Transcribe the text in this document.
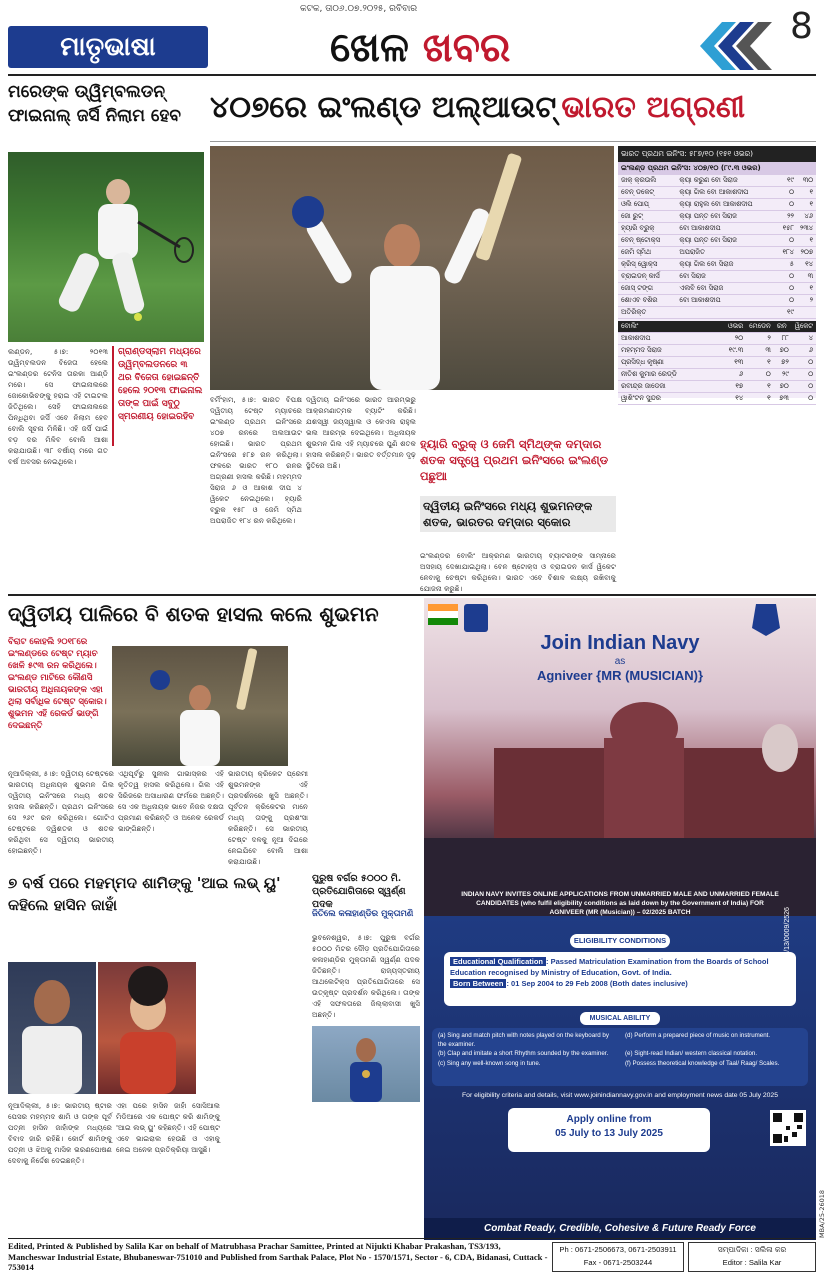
କଟକ, ତା୦୬.୦୭.୨୦୨୫, ରବିବାର
ମାତୃଭାଷା	ଖେଳ ଖବର	8
ମରେଙ୍କ ଉ୍ୱିମ୍ବଲଡନ୍ ଫାଇନାଲ୍ ଜର୍ସି ନିଲାମ ହେବ
ଲଣ୍ଡନ, ୫।୭: ୨୦୧୩ ଉ୍ୱିମ୍ବଲଡନ ବିଜେତା ହେଲେ ଇଂଲଣ୍ଡର ଟେନିସ ତାରକା ଆଣ୍ଡି ମରେ। ସେ ଫାଇନାଲରେ ଜୋକୋଭିଚଙ୍କୁ ହରାଇ ଏହି ଟାଇଟଲ ଜିତିଥିଲେ। ସେହି ଫାଇନାଲରେ ପିନ୍ଧିଥିବା ଜର୍ସି ଏବେ ନିଲାମ ହେବ ବୋଲି ସୂଚନା ମିଳିଛି। ଏହି ଜର୍ସି ପାଇଁ ବଡ଼ ଦର ମିଳିବ ବୋଲି ଆଶା କରାଯାଉଛି। ୩୮ ବର୍ଷୀୟ ମରେ ଗତ ବର୍ଷ ଅବସର ନେଇଥିଲେ।
ଗ୍ରାଣ୍ଡସ୍ଲାମ ମଧ୍ୟରେ ଉ୍ୱିମ୍ବଲଡନରେ ୩ ଥର ବିଜେତା ହୋଇଛନ୍ତି ହେଲେ ୨୦୧୩ ଫାଇନାଲ ତାଙ୍କ ପାଇଁ ସବୁଠୁ ସ୍ମରଣୀୟ ହୋଇରହିବ
୪୦୭ରେ ଇଂଲଣ୍ଡ ଅଲ୍‌ଆଉଟ୍ ଭାରତ ଅଗ୍ରଣୀ
ଭାରତ ପ୍ରଥମ ଇନିଂସ: ୫୮୭/୧୦ (୧୫୧ ଓଭର)
ଇଂଲଣ୍ଡ ପ୍ରଥମ ଇନିଂସ: ୪୦୭/୧୦ (୮୯.୩ ଓଭର)
ଜାକ୍ କ୍ରଉଲି	କ୍ୟା କରୁଣ ବୋ ସିରାଜ	୧୯	୩୦
ବେନ୍ ଡକେଟ୍	କ୍ୟା ଗିଲ ବୋ ଆକାଶଦୀପ	୦	୧
ଓଲି ପୋପ୍	କ୍ୟା ରାହୁଲ ବୋ ଆକାଶଦୀପ	୦	୧
ଜୋ ରୁଟ୍	କ୍ୟା ପନ୍ତ ବୋ ସିରାଜ	୨୨	୪୬
ହ୍ୟାରି ବ୍ରୁକ୍	ବୋ ଆକାଶଦୀପ	୧୫୮	୨୩୪
ବେନ୍ ଷ୍ଟୋକ୍ସ	କ୍ୟା ପନ୍ତ ବୋ ସିରାଜ	୦	୧
ଜେମି ସ୍ମିଥ	ଅପରାଜିତ	୧୮୪	୨୦୭
କ୍ରିସ୍ ୱୋକ୍ସ	କ୍ୟା ଗିଲ ବୋ ସିରାଜ	୫	୧୪
ବ୍ରାଇଡନ୍ କାର୍ସ	ବୋ ସିରାଜ	୦	୩
ଜୋସ୍ ଟଙ୍ଗ	ଏଲବି ବୋ ସିରାଜ	୦	୧
ଶୋଏବ ବଶିର	ବୋ ଆକାଶଦୀପ	୦	୨
ଅତିରିକ୍ତ		୧୯	
ବୋଲିଂ	ଓଭର	ମେଡେନ	ରନ	ୱିକେଟ
ଆକାଶଦୀପ	୨୦	୨	୮୮	୪
ମହମ୍ମଦ ସିରାଜ	୧୯.୩	୩	୭୦	୬
ପ୍ରସିଦ୍ଧ କୃଷ୍ଣା	୧୩	୧	୭୨	୦
ନୀତିଶ କୁମାର ରେଡ୍ଡି	୬	୦	୨୯	୦
ରବୀନ୍ଦ୍ର ଜାଡେଜା	୧୭	୧	୭୦	୦
ୱାଶିଂଟନ ସୁନ୍ଦର	୧୪	୧	୭୩	୦
ବର୍ମିଂହାମ, ୫।୭: ଭାରତ ବିପକ୍ଷ ଦ୍ୱିତୀୟ ଟେଷ୍ଟ ମ୍ୟାଚରେ ଇଂଲଣ୍ଡ ପ୍ରଥମ ଇନିଂସରେ ୪୦୭ ରନରେ ଅଲଆଉଟ ହୋଇଛି। ଭାରତ ପ୍ରଥମ ଇନିଂସରେ ୫୮୭ ରନ କରିଥିଲା। ଫଳରେ ଭାରତ ୧୮୦ ରନର ଅଗ୍ରଣୀ ହାସଲ କରିଛି। ମହମ୍ମଦ ସିରାଜ ୬ ଓ ଆକାଶ ଦୀପ ୪ ୱିକେଟ ନେଇଥିଲେ। ହ୍ୟାରି ବ୍ରୁକ ୧୫୮ ଓ ଜେମି ସ୍ମିଥ ଅପରାଜିତ ୧୮୪ ରନ କରିଥିଲେ।
ଦ୍ୱିତୀୟ ଇନିଂସରେ ଭାରତ ଆରମ୍ଭରୁ ଆକ୍ରମଣାତ୍ମକ ବ୍ୟାଟିଂ କରିଛି। ଯଶସ୍ୱୀ ଜୟସ୍ୱାଲ ଓ କେଏଲ ରାହୁଲ ଭଲ ଆରମ୍ଭ ଦେଇଥିଲେ। ଅଧିନାୟକ ଶୁଭମନ ଗିଲ ଏହି ମ୍ୟାଚରେ ପୁଣି ଶତକ ହାସଲ କରିଛନ୍ତି। ଭାରତ ବର୍ତ୍ତମାନ ଦୃଢ଼ ସ୍ଥିତିରେ ଅଛି।
ହ୍ୟାରି ବ୍ରୁକ୍ ଓ ଜେମି ସ୍ମିଥ୍‌ଙ୍କ ଦମ୍‌ଦାର ଶତକ ସତ୍ତ୍ୱେ ପ୍ରଥମ ଇନିଂସରେ ଇଂଲଣ୍ଡ ପଛୁଆ
ଦ୍ୱିତୀୟ ଇନିଂସରେ ମଧ୍ୟ ଶୁଭମନଙ୍କ ଶତକ, ଭାରତର ଦମ୍‌ଦାର ସ୍କୋର
ଇଂଲଣ୍ଡର ବୋଲିଂ ଆକ୍ରମଣ ଭାରତୀୟ ବ୍ୟାଟରଙ୍କ ସାମ୍ନାରେ ଅସହାୟ ଦେଖାଯାଇଥିଲା। ବେନ ଷ୍ଟୋକ୍ସ ଓ ବ୍ରାଇଡନ କାର୍ସ ୱିକେଟ ନେବାକୁ ଚେଷ୍ଟା କରିଥିଲେ। ଭାରତ ଏବେ ବିଶାଳ ଲକ୍ଷ୍ୟ ରଖିବାକୁ ଯୋଜନା କରୁଛି।
ଦ୍ୱିତୀୟ ପାଳିରେ ବି ଶତକ ହାସଲ କଲେ ଶୁଭମନ
ବିରାଟ କୋହଲି ୨୦୧୮ରେ ଇଂଲଣ୍ଡରେ ଟେଷ୍ଟ ମ୍ୟାଚ ଖେଳି ୫୯୩ ରନ କରିଥିଲେ। ଇଂଲଣ୍ଡ ମାଟିରେ କୌଣସି ଭାରତୀୟ ଅଧିନାୟକଙ୍କ ଏହା ଥିଲା ସର୍ବାଧିକ ଟେଷ୍ଟ ସ୍କୋର। ଶୁଭମନ ଏହି ରେକର୍ଡ ଭାଙ୍ଗି ଦେଇଛନ୍ତି
ନୂଆଦିଲ୍ଲୀ, ୫।୭: ଦ୍ୱିତୀୟ ଟେଷ୍ଟରେ ଭାରତୀୟ ଅଧିନାୟକ ଶୁଭମନ ଗିଲ ଦ୍ୱିତୀୟ ଇନିଂସରେ ମଧ୍ୟ ଶତକ ହାସଲ କରିଛନ୍ତି। ପ୍ରଥମ ଇନିଂସରେ ସେ ୨୬୯ ରନ କରିଥିଲେ। ଗୋଟିଏ ଟେଷ୍ଟରେ ଦ୍ୱିଶତକ ଓ ଶତକ କରିଥିବା ସେ ଦ୍ୱିତୀୟ ଭାରତୀୟ ହୋଇଛନ୍ତି।
ଏଥିପୂର୍ବରୁ ସୁନୀଲ ଗାଭାସ୍କର ଏହି କୃତିତ୍ୱ ହାସଲ କରିଥିଲେ। ଗିଲ ଏହି ସିରିଜରେ ଅସାଧାରଣ ଫର୍ମରେ ଅଛନ୍ତି। ସେ ଏକ ଅଧିନାୟକ ଭାବେ ନିଜର ଦକ୍ଷତା ପ୍ରମାଣ କରିଛନ୍ତି ଓ ଅନେକ ରେକର୍ଡ ଭାଙ୍ଗିଛନ୍ତି।
ଭାରତୀୟ କ୍ରିକେଟ ପ୍ରେମୀ ଶୁଭମନଙ୍କ ଏହି ପ୍ରଦର୍ଶନରେ ଖୁସି ଅଛନ୍ତି। ପୂର୍ବତନ କ୍ରିକେଟର ମାନେ ମଧ୍ୟ ତାଙ୍କୁ ପ୍ରଶଂସା କରିଛନ୍ତି। ସେ ଭାରତୀୟ ଟେଷ୍ଟ ଦଳକୁ ନୂଆ ଦିଗରେ ନେଇଯିବେ ବୋଲି ଆଶା କରାଯାଉଛି।
୭ ବର୍ଷ ପରେ ମହମ୍ମଦ ଶାମିଙ୍କୁ 'ଆଇ ଲଭ୍ ୟୁ' କହିଲେ ହାସିନ ଜାହାଁ
ନୂଆଦିଲ୍ଲୀ, ୫।୭: ଭାରତୀୟ ଷ୍ଟାର ପେସର ମହମ୍ମଦ ଶାମି ଓ ତାଙ୍କ ପୂର୍ବ ପତ୍ନୀ ହାସିନ ଜାହାଁଙ୍କ ମଧ୍ୟରେ ବିବାଦ ଜାରି ରହିଛି। କୋର୍ଟ ଶାମିଙ୍କୁ ପତ୍ନୀ ଓ ଝିଅକୁ ମାସିକ ଭରଣପୋଷଣ ଦେବାକୁ ନିର୍ଦ୍ଦେଶ ଦେଇଛନ୍ତି।
ଏହା ପରେ ହାସିନ ଜାହାଁ ସୋସିଆଲ ମିଡିଆରେ ଏକ ପୋଷ୍ଟ କରି ଶାମିଙ୍କୁ 'ଆଇ ଲଭ୍ ୟୁ' କହିଛନ୍ତି। ଏହି ପୋଷ୍ଟ ଏବେ ଭାଇରାଲ ହେଉଛି ଓ ଏହାକୁ ନେଇ ଅନେକ ପ୍ରତିକ୍ରିୟା ଆସୁଛି।
ପୁରୁଷ ବର୍ଗର ୫୦୦୦ ମି. ପ୍ରତିଯୋଗିତାରେ ସ୍ୱର୍ଣ୍ଣ ପଦକ
ଜିତିଲେ କଳାହାଣ୍ଡିର ମୁକ୍ତାମଣି
ଭୁବନେଶ୍ୱର, ୫।୭: ପୁରୁଷ ବର୍ଗର ୫୦୦୦ ମିଟର ଦୌଡ଼ ପ୍ରତିଯୋଗିତାରେ କଳାହାଣ୍ଡିର ମୁକ୍ତାମଣି ସ୍ୱର୍ଣ୍ଣ ପଦକ ଜିତିଛନ୍ତି। ରାଜ୍ୟସ୍ତରୀୟ ଆଥଲେଟିକ୍ସ ପ୍ରତିଯୋଗିତାରେ ସେ ଉତ୍କୃଷ୍ଟ ପ୍ରଦର୍ଶନ କରିଥିଲେ। ତାଙ୍କ ଏହି ସଫଳତାରେ ଜିଲ୍ଲାବାସୀ ଖୁସି ଅଛନ୍ତି।
Join Indian Navy
as
Agniveer {MR (MUSICIAN)}
INDIAN NAVY INVITES ONLINE APPLICATIONS FROM UNMARRIED MALE AND UNMARRIED FEMALE CANDIDATES (who fulfil eligibility conditions as laid down by the Government of India) FOR AGNIVEER (MR (Musician)) – 02/2025 BATCH
ELIGIBILITY CONDITIONS
Educational Qualification : Passed Matriculation Examination from the Boards of School Education recognised by Ministry of Education, Govt. of India.
Born Between : 01 Sep 2004 to 29 Feb 2008 (Both dates inclusive)
MUSICAL ABILITY
(a) Sing and match pitch with notes played on the keyboard by the examiner.
(d) Perform a prepared piece of music on instrument.
(b) Clap and imitate a short Rhythm sounded by the examiner.	(e) Sight-read Indian/ western classical notation.
(c) Sing any well-known song in tune.	(f) Possess theoretical knowledge of Taal/ Raag/ Scales.
For eligibility criteria and details, visit www.joinindiannavy.gov.in and employment news date 05 July 2025
Apply online from
05 July to 13 July 2025
Combat Ready, Credible, Cohesive & Future Ready Force
CBC 10701/13/0009/2526
MBA/25-26018
Edited, Printed & Published by Salila Kar on behalf of Matrubhasa Prachar Samittee, Printed at Nijukti Khabar Prakashan, TS3/193, Mancheswar Industrial Estate, Bhubaneswar-751010 and Published from Sarthak Palace, Plot No - 1570/1571, Sector - 6, CDA, Bidanasi, Cuttack - 753014
Ph : 0671-2506673, 0671-2503911
Fax - 0671-2503244
ସମ୍ପାଦିକା : ସଲିଳା କର
Editor : Salila Kar
